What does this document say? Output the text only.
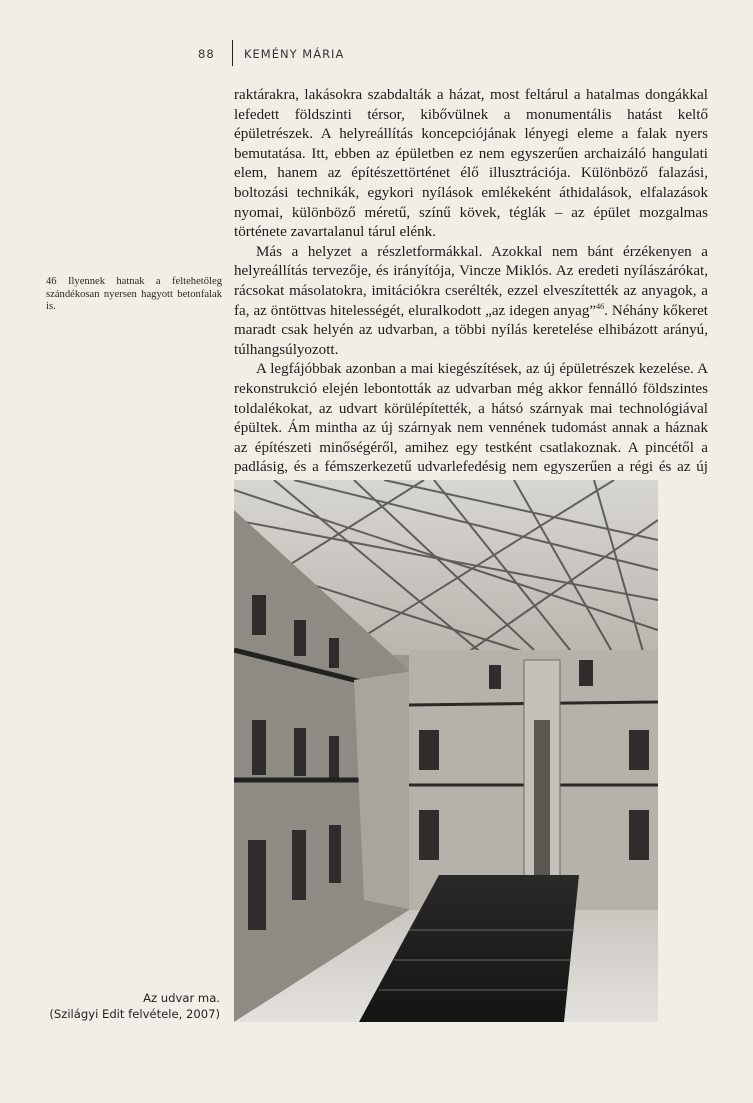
88	KEMÉNY MÁRIA
46 Ilyennek hatnak a feltehetőleg szándékosan nyersen hagyott betonfalak is.

raktárakra, lakásokra szabdalták a házat, most feltárul a hatalmas dongákkal lefedett földszinti térsor, kibővülnek a monumentális hatást keltő épületrészek. A helyreállítás koncepciójának lényegi eleme a falak nyers bemutatása. Itt, ebben az épületben ez nem egyszerűen archaizáló hangulati elem, hanem az építészettörténet élő illusztrációja. Különböző falazási, boltozási technikák, egykori nyílások emlékeként áthidalások, elfalazások nyomai, különböző méretű, színű kövek, téglák – az épület mozgalmas története zavartalanul tárul elénk.

Más a helyzet a részletformákkal. Azokkal nem bánt érzékenyen a helyreállítás tervezője, és irányítója, Vincze Miklós. Az eredeti nyílászárókat, rácsokat másolatokra, imitációkra cserélték, ezzel elveszítették az anyagok, a fa, az öntöttvas hitelességét, eluralkodott „az idegen anyag”$^{46}$. Néhány kőkeret maradt csak helyén az udvarban, a többi nyílás keretelése elhibázott arányú, túlhangsúlyozott.

A legfájóbbak azonban a mai kiegészítések, az új épületrészek kezelése. A rekonstrukció elején lebontották az udvarban még akkor fennálló földszintes toldalékokat, az udvart körülépítették, a hátsó szárnyak mai technológiával épültek. Ám mintha az új szárnyak nem vennének tudomást annak a háznak az építészeti minőségéről, amihez egy testként csatlakoznak. A pincétől a padlásig, és a fémszerkezetű udvarlefedésig nem egyszerűen a régi és az új

Az udvar ma.
(Szilágyi Edit felvétele, 2007)
